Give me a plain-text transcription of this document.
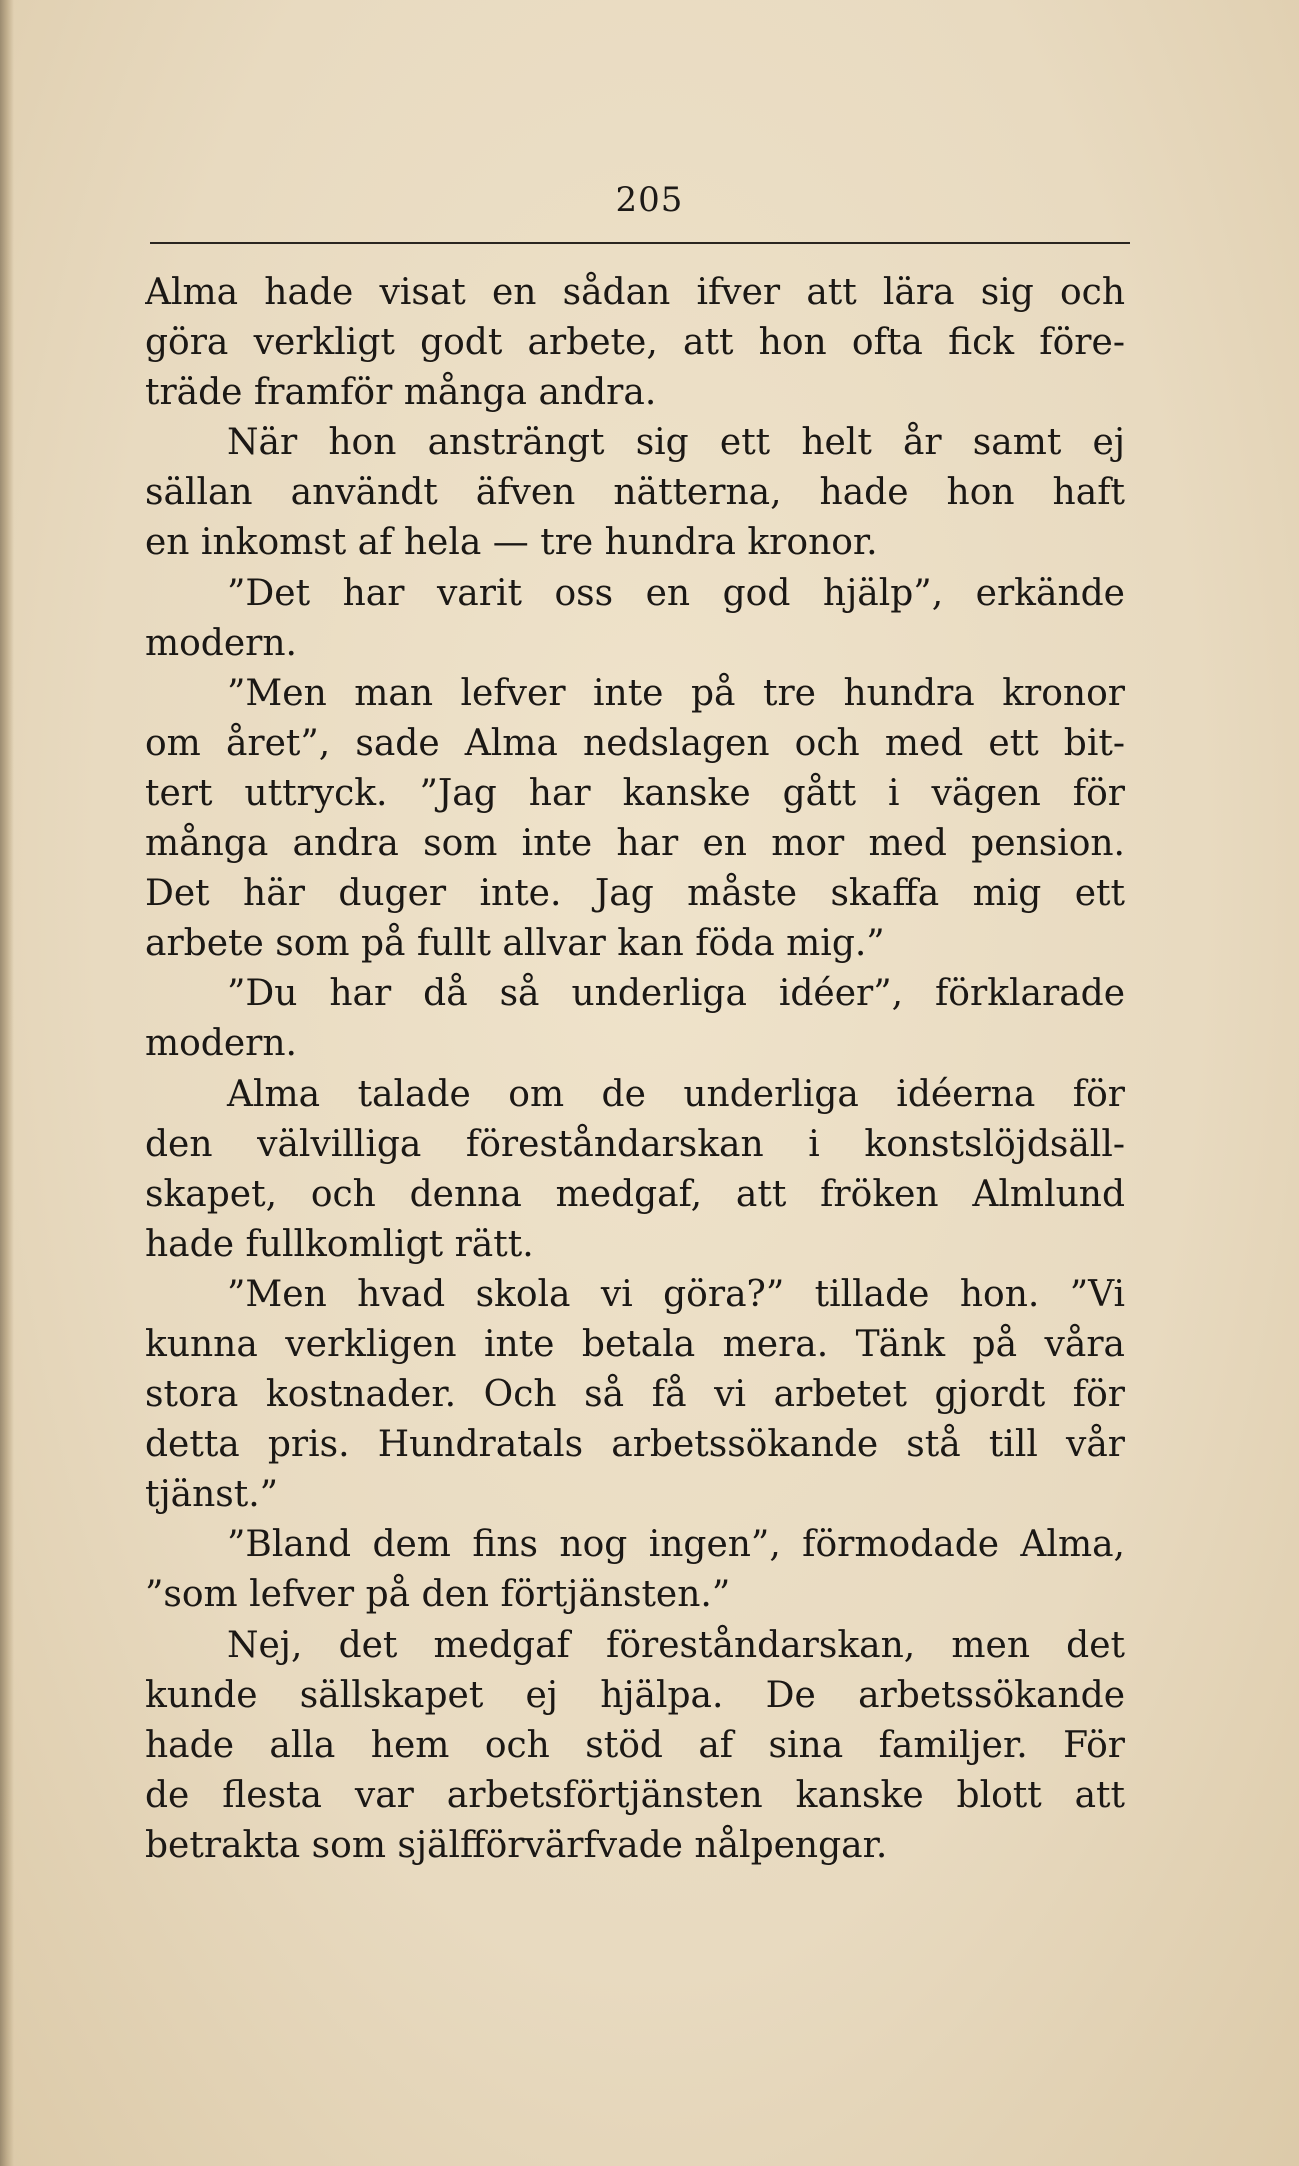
205

Alma hade visat en sådan ifver att lära sig och
göra verkligt godt arbete, att hon ofta fick före-
träde framför många andra.

När hon ansträngt sig ett helt år samt ej
sällan användt äfven nätterna, hade hon haft
en inkomst af hela — tre hundra kronor.

”Det har varit oss en god hjälp”, erkände
modern.

”Men man lefver inte på tre hundra kronor
om året”, sade Alma nedslagen och med ett bit-
tert uttryck. ”Jag har kanske gått i vägen för
många andra som inte har en mor med pension.
Det här duger inte. Jag måste skaffa mig ett
arbete som på fullt allvar kan föda mig.”

”Du har då så underliga idéer”, förklarade
modern.

Alma talade om de underliga idéerna för
den välvilliga föreståndarskan i konstslöjdsäll-
skapet, och denna medgaf, att fröken Almlund
hade fullkomligt rätt.

”Men hvad skola vi göra?” tillade hon. ”Vi
kunna verkligen inte betala mera. Tänk på våra
stora kostnader. Och så få vi arbetet gjordt för
detta pris. Hundratals arbetssökande stå till vår
tjänst.”

”Bland dem fins nog ingen”, förmodade Alma,
”som lefver på den förtjänsten.”

Nej, det medgaf föreståndarskan, men det
kunde sällskapet ej hjälpa. De arbetssökande
hade alla hem och stöd af sina familjer. För
de flesta var arbetsförtjänsten kanske blott att
betrakta som själfförvärfvade nålpengar.
